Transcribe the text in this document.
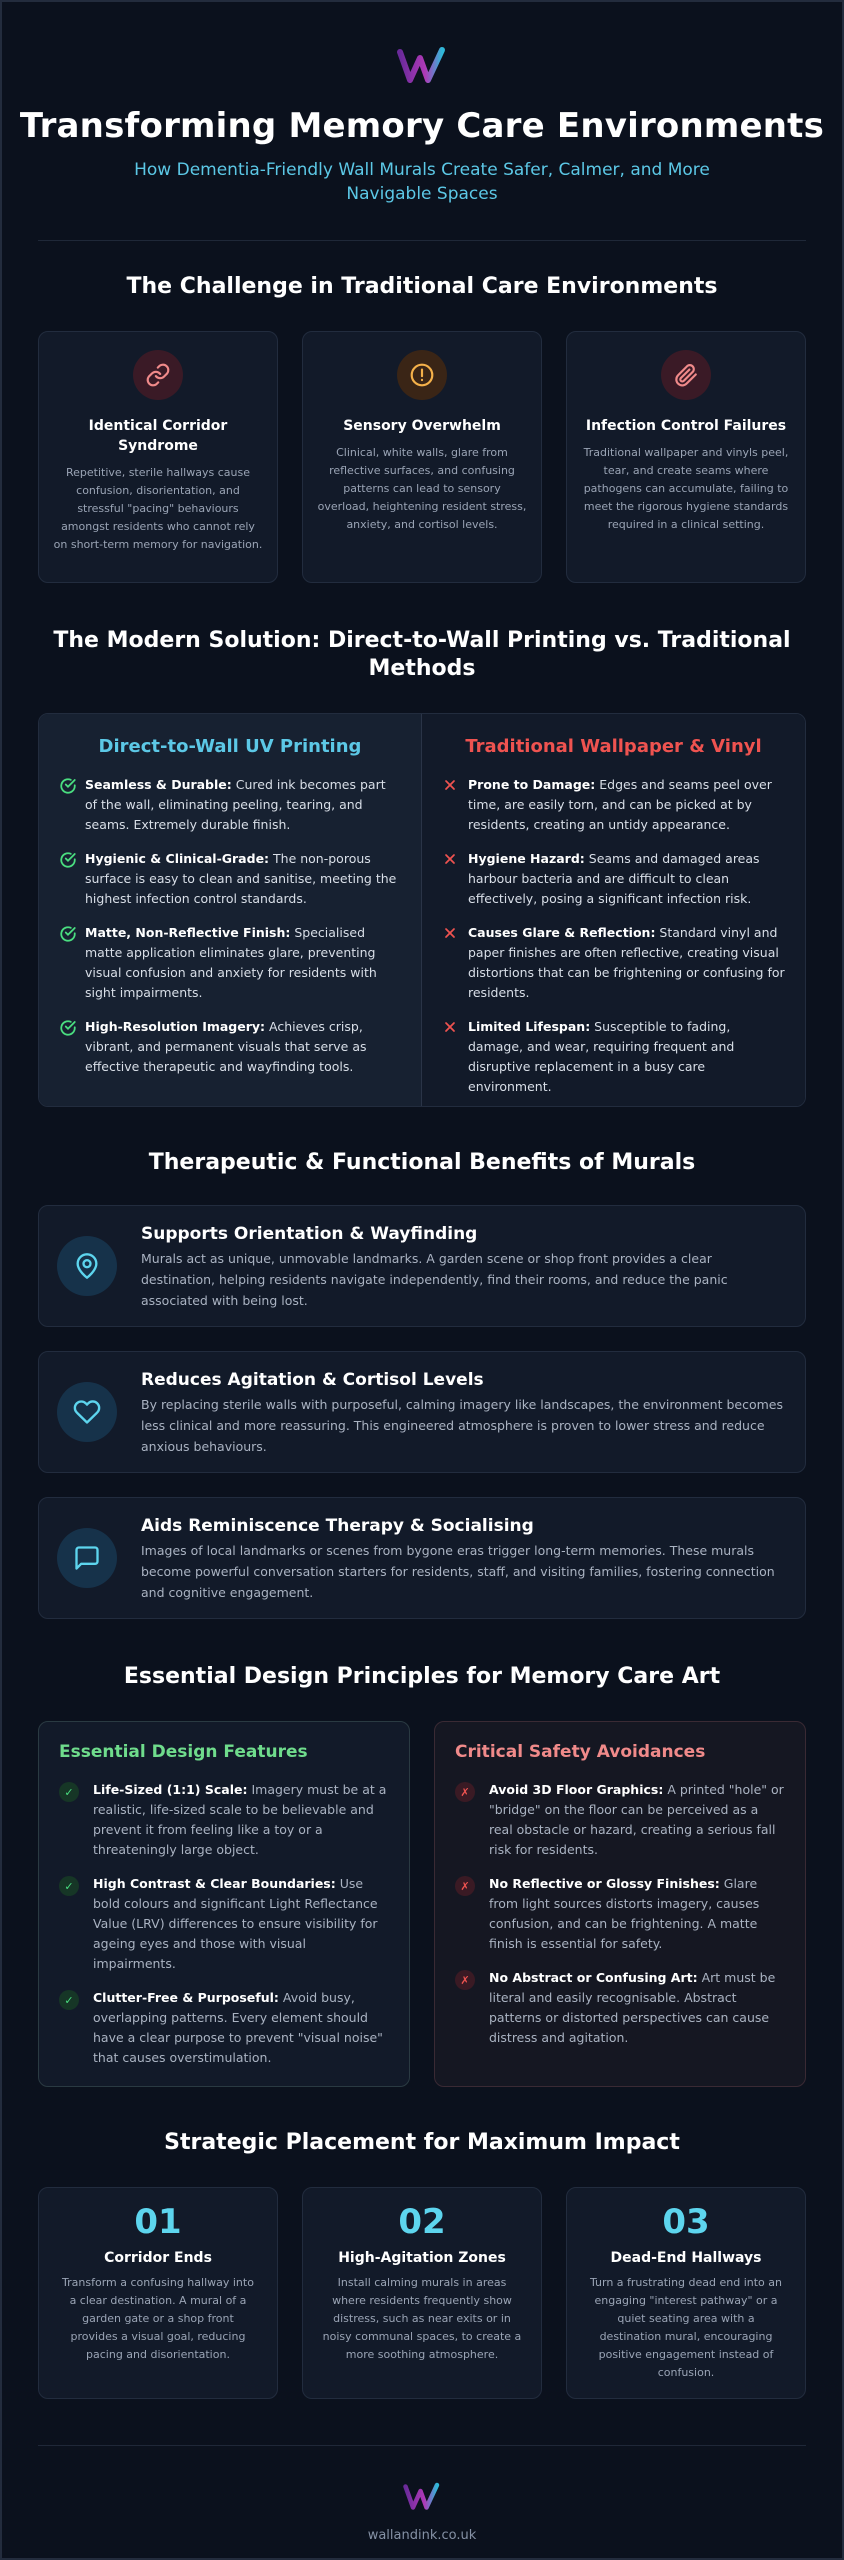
Transforming Memory Care Environments
How Dementia-Friendly Wall Murals Create Safer, Calmer, and More Navigable Spaces
The Challenge in Traditional Care Environments
Identical Corridor Syndrome
Repetitive, sterile hallways cause confusion, disorientation, and stressful "pacing" behaviours amongst residents who cannot rely on short-term memory for navigation.
Sensory Overwhelm
Clinical, white walls, glare from reflective surfaces, and confusing patterns can lead to sensory overload, heightening resident stress, anxiety, and cortisol levels.
Infection Control Failures
Traditional wallpaper and vinyls peel, tear, and create seams where pathogens can accumulate, failing to meet the rigorous hygiene standards required in a clinical setting.
The Modern Solution: Direct-to-Wall Printing vs. Traditional Methods
Direct-to-Wall UV Printing
Seamless & Durable: Cured ink becomes part of the wall, eliminating peeling, tearing, and seams. Extremely durable finish.
Hygienic & Clinical-Grade: The non-porous surface is easy to clean and sanitise, meeting the highest infection control standards.
Matte, Non-Reflective Finish: Specialised matte application eliminates glare, preventing visual confusion and anxiety for residents with sight impairments.
High-Resolution Imagery: Achieves crisp, vibrant, and permanent visuals that serve as effective therapeutic and wayfinding tools.
Traditional Wallpaper & Vinyl
Prone to Damage: Edges and seams peel over time, are easily torn, and can be picked at by residents, creating an untidy appearance.
Hygiene Hazard: Seams and damaged areas harbour bacteria and are difficult to clean effectively, posing a significant infection risk.
Causes Glare & Reflection: Standard vinyl and paper finishes are often reflective, creating visual distortions that can be frightening or confusing for residents.
Limited Lifespan: Susceptible to fading, damage, and wear, requiring frequent and disruptive replacement in a busy care environment.
Therapeutic & Functional Benefits of Murals
Supports Orientation & Wayfinding
Murals act as unique, unmovable landmarks. A garden scene or shop front provides a clear destination, helping residents navigate independently, find their rooms, and reduce the panic associated with being lost.
Reduces Agitation & Cortisol Levels
By replacing sterile walls with purposeful, calming imagery like landscapes, the environment becomes less clinical and more reassuring. This engineered atmosphere is proven to lower stress and reduce anxious behaviours.
Aids Reminiscence Therapy & Socialising
Images of local landmarks or scenes from bygone eras trigger long-term memories. These murals become powerful conversation starters for residents, staff, and visiting families, fostering connection and cognitive engagement.
Essential Design Principles for Memory Care Art
Essential Design Features
✓	Life-Sized (1:1) Scale: Imagery must be at a realistic, life-sized scale to be believable and prevent it from feeling like a toy or a threateningly large object.
✓	High Contrast & Clear Boundaries: Use bold colours and significant Light Reflectance Value (LRV) differences to ensure visibility for ageing eyes and those with visual impairments.
✓	Clutter-Free & Purposeful: Avoid busy, overlapping patterns. Every element should have a clear purpose to prevent "visual noise" that causes overstimulation.
Critical Safety Avoidances
✗	Avoid 3D Floor Graphics: A printed "hole" or "bridge" on the floor can be perceived as a real obstacle or hazard, creating a serious fall risk for residents.
✗	No Reflective or Glossy Finishes: Glare from light sources distorts imagery, causes confusion, and can be frightening. A matte finish is essential for safety.
✗	No Abstract or Confusing Art: Art must be literal and easily recognisable. Abstract patterns or distorted perspectives can cause distress and agitation.
Strategic Placement for Maximum Impact
01
Corridor Ends
Transform a confusing hallway into a clear destination. A mural of a garden gate or a shop front provides a visual goal, reducing pacing and disorientation.
02
High-Agitation Zones
Install calming murals in areas where residents frequently show distress, such as near exits or in noisy communal spaces, to create a more soothing atmosphere.
03
Dead-End Hallways
Turn a frustrating dead end into an engaging "interest pathway" or a quiet seating area with a destination mural, encouraging positive engagement instead of confusion.
wallandink.co.uk
